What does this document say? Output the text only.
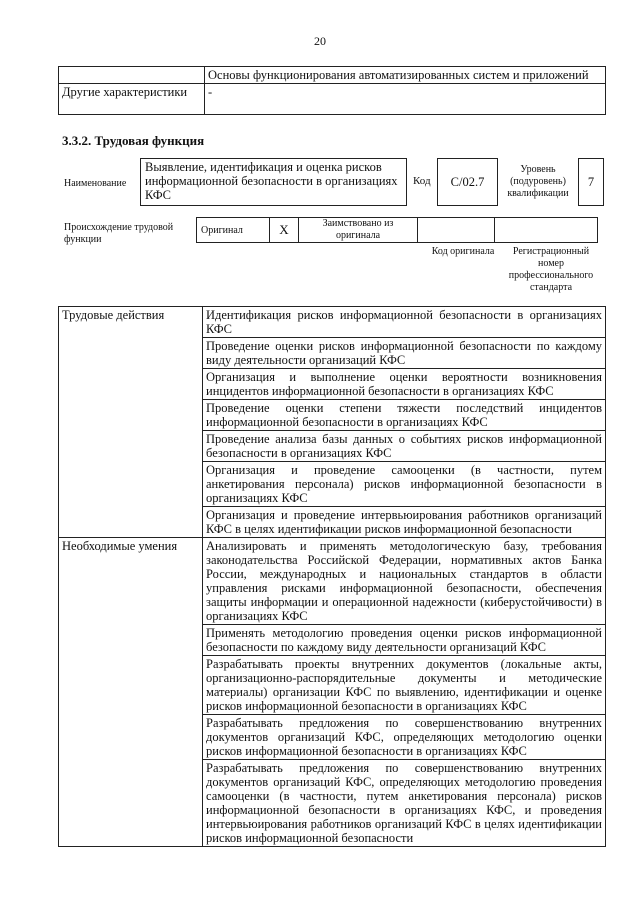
20
	Основы функционирования автоматизированных систем и приложений
Другие характеристики	-
3.3.2. Трудовая функция
Наименование
Выявление, идентификация и оценка рисков информационной безопасности в организациях КФС
Код	С/02.7
Уровень (подуровень) квалификации
7
Происхождение трудовой функции
Оригинал	X	Заимствовано из оригинала		
Код оригинала	Регистрационный номер профессионального стандарта
Трудовые действия	Идентификация рисков информационной безопасности в организациях КФС
	Проведение оценки рисков информационной безопасности по каждому виду деятельности организаций КФС
	Организация и выполнение оценки вероятности возникновения инцидентов информационной безопасности в организациях КФС
	Проведение оценки степени тяжести последствий инцидентов информационной безопасности в организациях КФС
	Проведение анализа базы данных о событиях рисков информационной безопасности в организациях КФС
	Организация и проведение самооценки (в частности, путем анкетирования персонала) рисков информационной безопасности в организациях КФС
	Организация и проведение интервьюирования работников организаций КФС в целях идентификации рисков информационной безопасности
Необходимые умения	Анализировать и применять методологическую базу, требования законодательства Российской Федерации, нормативных актов Банка России, международных и национальных стандартов в области управления рисками информационной безопасности, обеспечения защиты информации и операционной надежности (киберустойчивости) в организациях КФС
	Применять методологию проведения оценки рисков информационной безопасности по каждому виду деятельности организаций КФС
	Разрабатывать проекты внутренних документов (локальные акты, организационно-распорядительные документы и методические материалы) организации КФС по выявлению, идентификации и оценке рисков информационной безопасности в организациях КФС
	Разрабатывать предложения по совершенствованию внутренних документов организаций КФС, определяющих методологию оценки рисков информационной безопасности в организациях КФС
	Разрабатывать предложения по совершенствованию внутренних документов организаций КФС, определяющих методологию проведения самооценки (в частности, путем анкетирования персонала) рисков информационной безопасности в организациях КФС, и проведения интервьюирования работников организаций КФС в целях идентификации рисков информационной безопасности
